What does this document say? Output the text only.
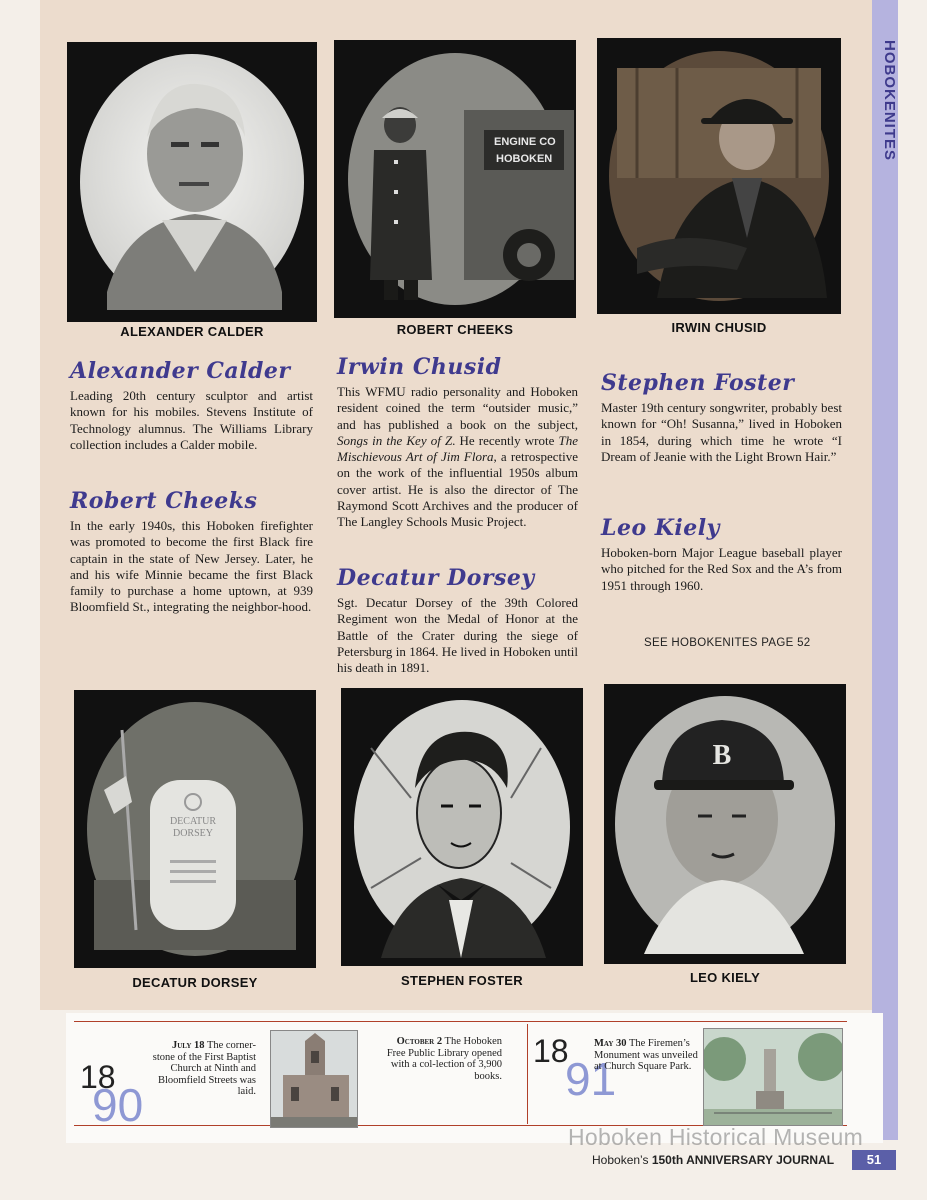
HOBOKENITES
ALEXANDER CALDER
ENGINE CO
HOBOKEN
ROBERT CHEEKS	IRWIN CHUSID
Alexander Calder
Leading 20th century sculptor and artist known for his mobiles. Stevens Institute of Technology alumnus. The Williams Library collection includes a Calder mobile.
Robert Cheeks
In the early 1940s, this Hoboken firefighter was promoted to become the first Black fire captain in the state of New Jersey. Later, he and his wife Minnie became the first Black family to purchase a home uptown, at 939 Bloomfield St., integrating the neighbor-hood.
Irwin Chusid
This WFMU radio personality and Hoboken resident coined the term “outsider music,” and has published a book on the subject, Songs in the Key of Z. He recently wrote The Mischievous Art of Jim Flora, a retrospective on the work of the influential 1950s album cover artist. He is also the director of The Raymond Scott Archives and the producer of The Langley Schools Music Project.
Decatur Dorsey
Sgt. Decatur Dorsey of the 39th Colored Regiment won the Medal of Honor at the Battle of the Crater during the siege of Petersburg in 1864. He lived in Hoboken until his death in 1891.
Stephen Foster
Master 19th century songwriter, probably best known for “Oh! Susanna,” lived in Hoboken in 1854, during which time he wrote “I Dream of Jeanie with the Light Brown Hair.”
Leo Kiely
Hoboken-born Major League baseball player who pitched for the Red Sox and the A’s from 1951 through 1960.
SEE HOBOKENITES PAGE 52
DECATUR
DORSEY
DECATUR DORSEY	STEPHEN FOSTER
B
LEO KIELY
18
90
July 18 The corner-stone of the First Baptist Church at Ninth and Bloomfield Streets was laid.
October 2 The Hoboken Free Public Library opened with a col-lection of 3,900 books.
18
91
May 30 The Firemen’s Monument was unveiled at Church Square Park.
Hoboken Historical Museum
Hoboken’s 150th ANNIVERSARY JOURNAL	51
